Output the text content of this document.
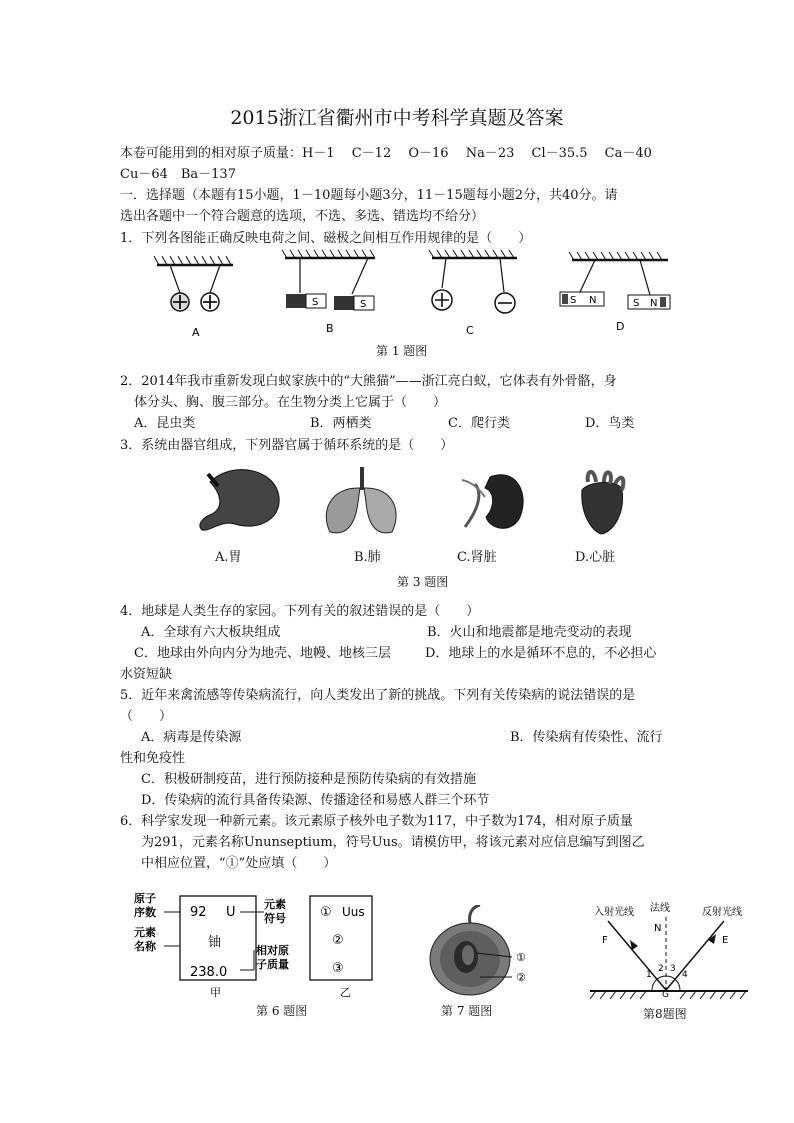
2015浙江省衢州市中考科学真题及答案
本卷可能用到的相对原子质量：H－1　 C－12　 O－16　 Na－23　 Cl－35.5　 Ca－40
Cu－64　Ba－137
一．选择题（本题有15小题，1－10题每小题3分，11－15题每小题2分，共40分。请
选出各题中一个符合题意的选项，不选、多选、错选均不给分）
1．下列各图能正确反映电荷之间、磁极之间相互作用规律的是（　　）
A
S	S
B	C
S N	S N
D
第 1 题图
2．2014年我市重新发现白蚁家族中的“大熊猫”——浙江亮白蚁，它体表有外骨骼，身
体分头、胸、腹三部分。在生物分类上它属于（　　）
A．昆虫类	B．两栖类	C．爬行类	D．鸟类
3．系统由器官组成，下列器官属于循环系统的是（　　）
A.胃	B.肺	C.肾脏	D.心脏
第 3 题图
4．地球是人类生存的家园。下列有关的叙述错误的是（　　）
A．全球有六大板块组成	B．火山和地震都是地壳变动的表现
C．地球由外向内分为地壳、地幔、地核三层	D．地球上的水是循环不息的，不必担心
水资短缺
5．近年来禽流感等传染病流行，向人类发出了新的挑战。下列有关传染病的说法错误的是
（　　）
A．病毒是传染源	B．传染病有传染性、流行
性和免疫性
C．积极研制疫苗，进行预防接种是预防传染病的有效措施
D．传染病的流行具备传染源、传播途径和易感人群三个环节
6．科学家发现一种新元素。该元素原子核外电子数为117，中子数为174，相对原子质量
为291，元素名称Ununseptium，符号Uus。请模仿甲，将该元素对应信息编写到图乙
中相应位置，“①”处应填（　　）
原子
序数
元素
名称
92 U
铀
238.0
元素
符号
相对原
子质量
① Uus
②
③
甲	乙
第 6 题图
①
②
第 7 题图
入射光线 法线	反射光线
F
N
E
1
2 3
4
G
第8题图
